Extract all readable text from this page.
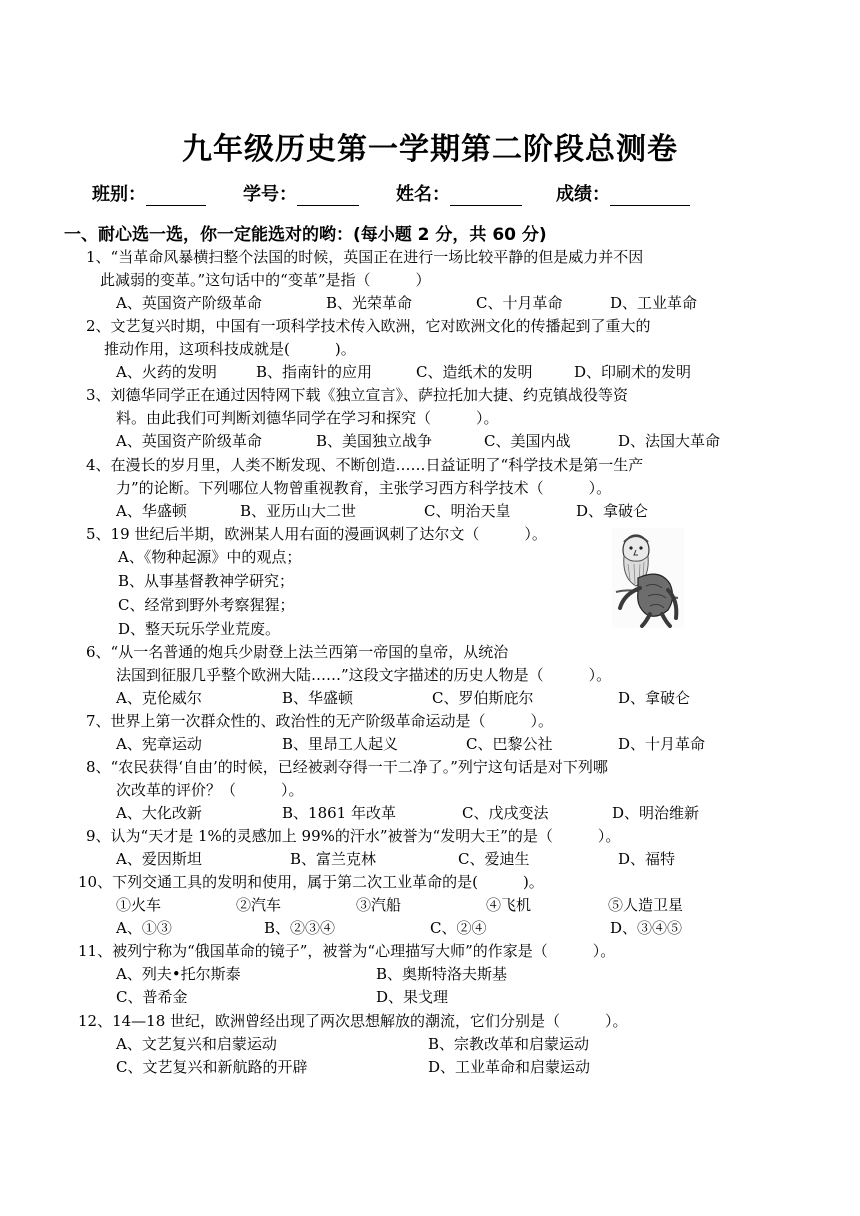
九年级历史第一学期第二阶段总测卷
班别：	学号：	姓名：	成绩：
一、耐心选一选，你一定能选对的哟：(每小题 2 分，共 60 分)
1、“当革命风暴横扫整个法国的时候，英国正在进行一场比较平静的但是威力并不因
此减弱的变革。”这句话中的“变革”是指（　　　）
A、英国资产阶级革命	B、光荣革命	C、十月革命	D、工业革命
2、文艺复兴时期，中国有一项科学技术传入欧洲，它对欧洲文化的传播起到了重大的
推动作用，这项科技成就是(　　　)。
A、火药的发明	B、指南针的应用	C、造纸术的发明	D、印刷术的发明
3、刘德华同学正在通过因特网下载《独立宣言》、萨拉托加大捷、约克镇战役等资
料。由此我们可判断刘德华同学在学习和探究（　　　）。
A、英国资产阶级革命	B、美国独立战争	C、美国内战	D、法国大革命
4、在漫长的岁月里，人类不断发现、不断创造……日益证明了“科学技术是第一生产
力”的论断。下列哪位人物曾重视教育，主张学习西方科学技术（　　　）。
A、华盛顿	B、亚历山大二世	C、明治天皇	D、拿破仑
5、19 世纪后半期，欧洲某人用右面的漫画讽刺了达尔文（　　　）。
A、《物种起源》中的观点；
B、从事基督教神学研究；
C、经常到野外考察猩猩；
D、整天玩乐学业荒废。
6、“从一名普通的炮兵少尉登上法兰西第一帝国的皇帝，从统治
法国到征服几乎整个欧洲大陆……”这段文字描述的历史人物是（　　　）。
A、克伦威尔	B、华盛顿	C、罗伯斯庇尔	D、拿破仑
7、世界上第一次群众性的、政治性的无产阶级革命运动是（　　　）。
A、宪章运动	B、里昂工人起义	C、巴黎公社	D、十月革命
8、“农民获得‘自由’的时候，已经被剥夺得一干二净了。”列宁这句话是对下列哪
次改革的评价？（　　　）。
A、大化改新	B、1861 年改革	C、戊戌变法	D、明治维新
9、认为“天才是 1%的灵感加上 99%的汗水”被誉为“发明大王”的是（　　　）。
A、爱因斯坦	B、富兰克林	C、爱迪生	D、福特
10、下列交通工具的发明和使用，属于第二次工业革命的是(　　　)。
①火车	②汽车	③汽船	④飞机	⑤人造卫星
A、①③	B、②③④	C、②④	D、③④⑤
11、被列宁称为“俄国革命的镜子”，被誉为“心理描写大师”的作家是（　　　）。
A、列夫•托尔斯泰	B、奥斯特洛夫斯基
C、普希金	D、果戈理
12、14—18 世纪，欧洲曾经出现了两次思想解放的潮流，它们分别是（　　　）。
A、文艺复兴和启蒙运动	B、宗教改革和启蒙运动
C、文艺复兴和新航路的开辟	D、工业革命和启蒙运动
